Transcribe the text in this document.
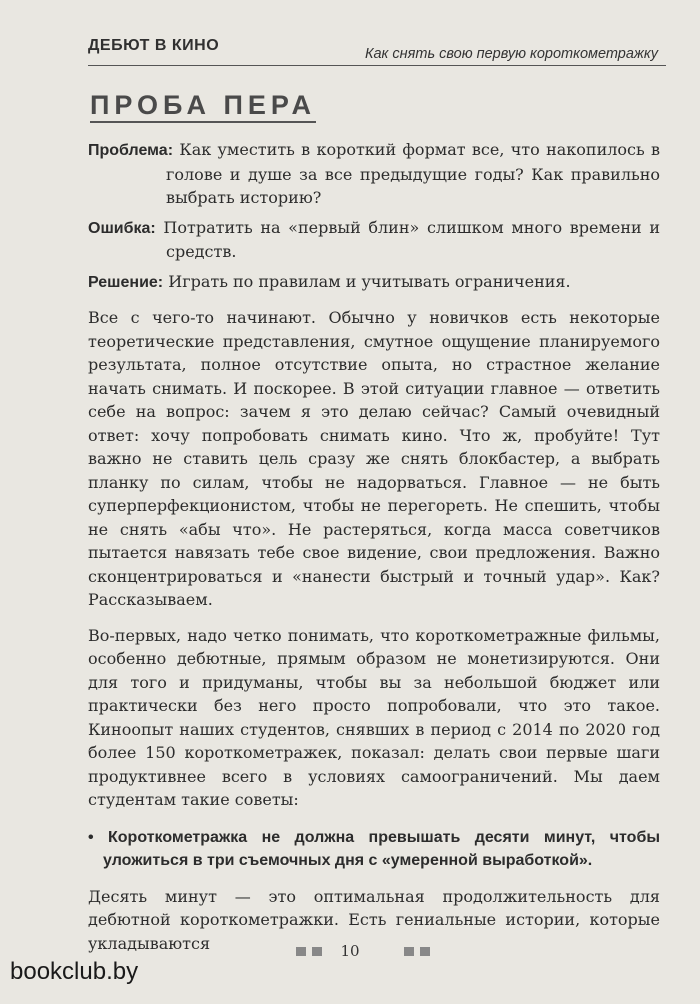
ДЕБЮТ В КИНО	Как снять свою первую короткометражку
ПРОБА ПЕРА

Проблема: Как уместить в короткий формат все, что накопилось в голове и душе за все предыдущие годы? Как правильно выбрать историю?

Ошибка: Потратить на «первый блин» слишком много времени и средств.

Решение: Играть по правилам и учитывать ограничения.

Все с чего-то начинают. Обычно у новичков есть некоторые теоретические представления, смутное ощущение планируемого результата, полное отсутствие опыта, но страстное желание начать снимать. И поскорее. В этой ситуации главное — ответить себе на вопрос: зачем я это делаю сейчас? Самый очевидный ответ: хочу попробовать снимать кино. Что ж, пробуйте! Тут важно не ставить цель сразу же снять блокбастер, а выбрать планку по силам, чтобы не надорваться. Главное — не быть суперперфекционистом, чтобы не перегореть. Не спешить, чтобы не снять «абы что». Не растеряться, когда масса советчиков пытается навязать тебе свое видение, свои предложения. Важно сконцентрироваться и «нанести быстрый и точный удар». Как? Рассказываем.

Во-первых, надо четко понимать, что короткометражные фильмы, особенно дебютные, прямым образом не монетизируются. Они для того и придуманы, чтобы вы за небольшой бюджет или практически без него просто попробовали, что это такое. Киноопыт наших студентов, снявших в период с 2014 по 2020 год более 150 короткометражек, показал: делать свои первые шаги продуктивнее всего в условиях самоограничений. Мы даем студентам такие советы:

• Короткометражка не должна превышать десяти минут, чтобы уложиться в три съемочных дня с «умеренной выработкой».

Десять минут — это оптимальная продолжительность для дебютной короткометражки. Есть гениальные истории, которые укладываются	10
bookclub.by
